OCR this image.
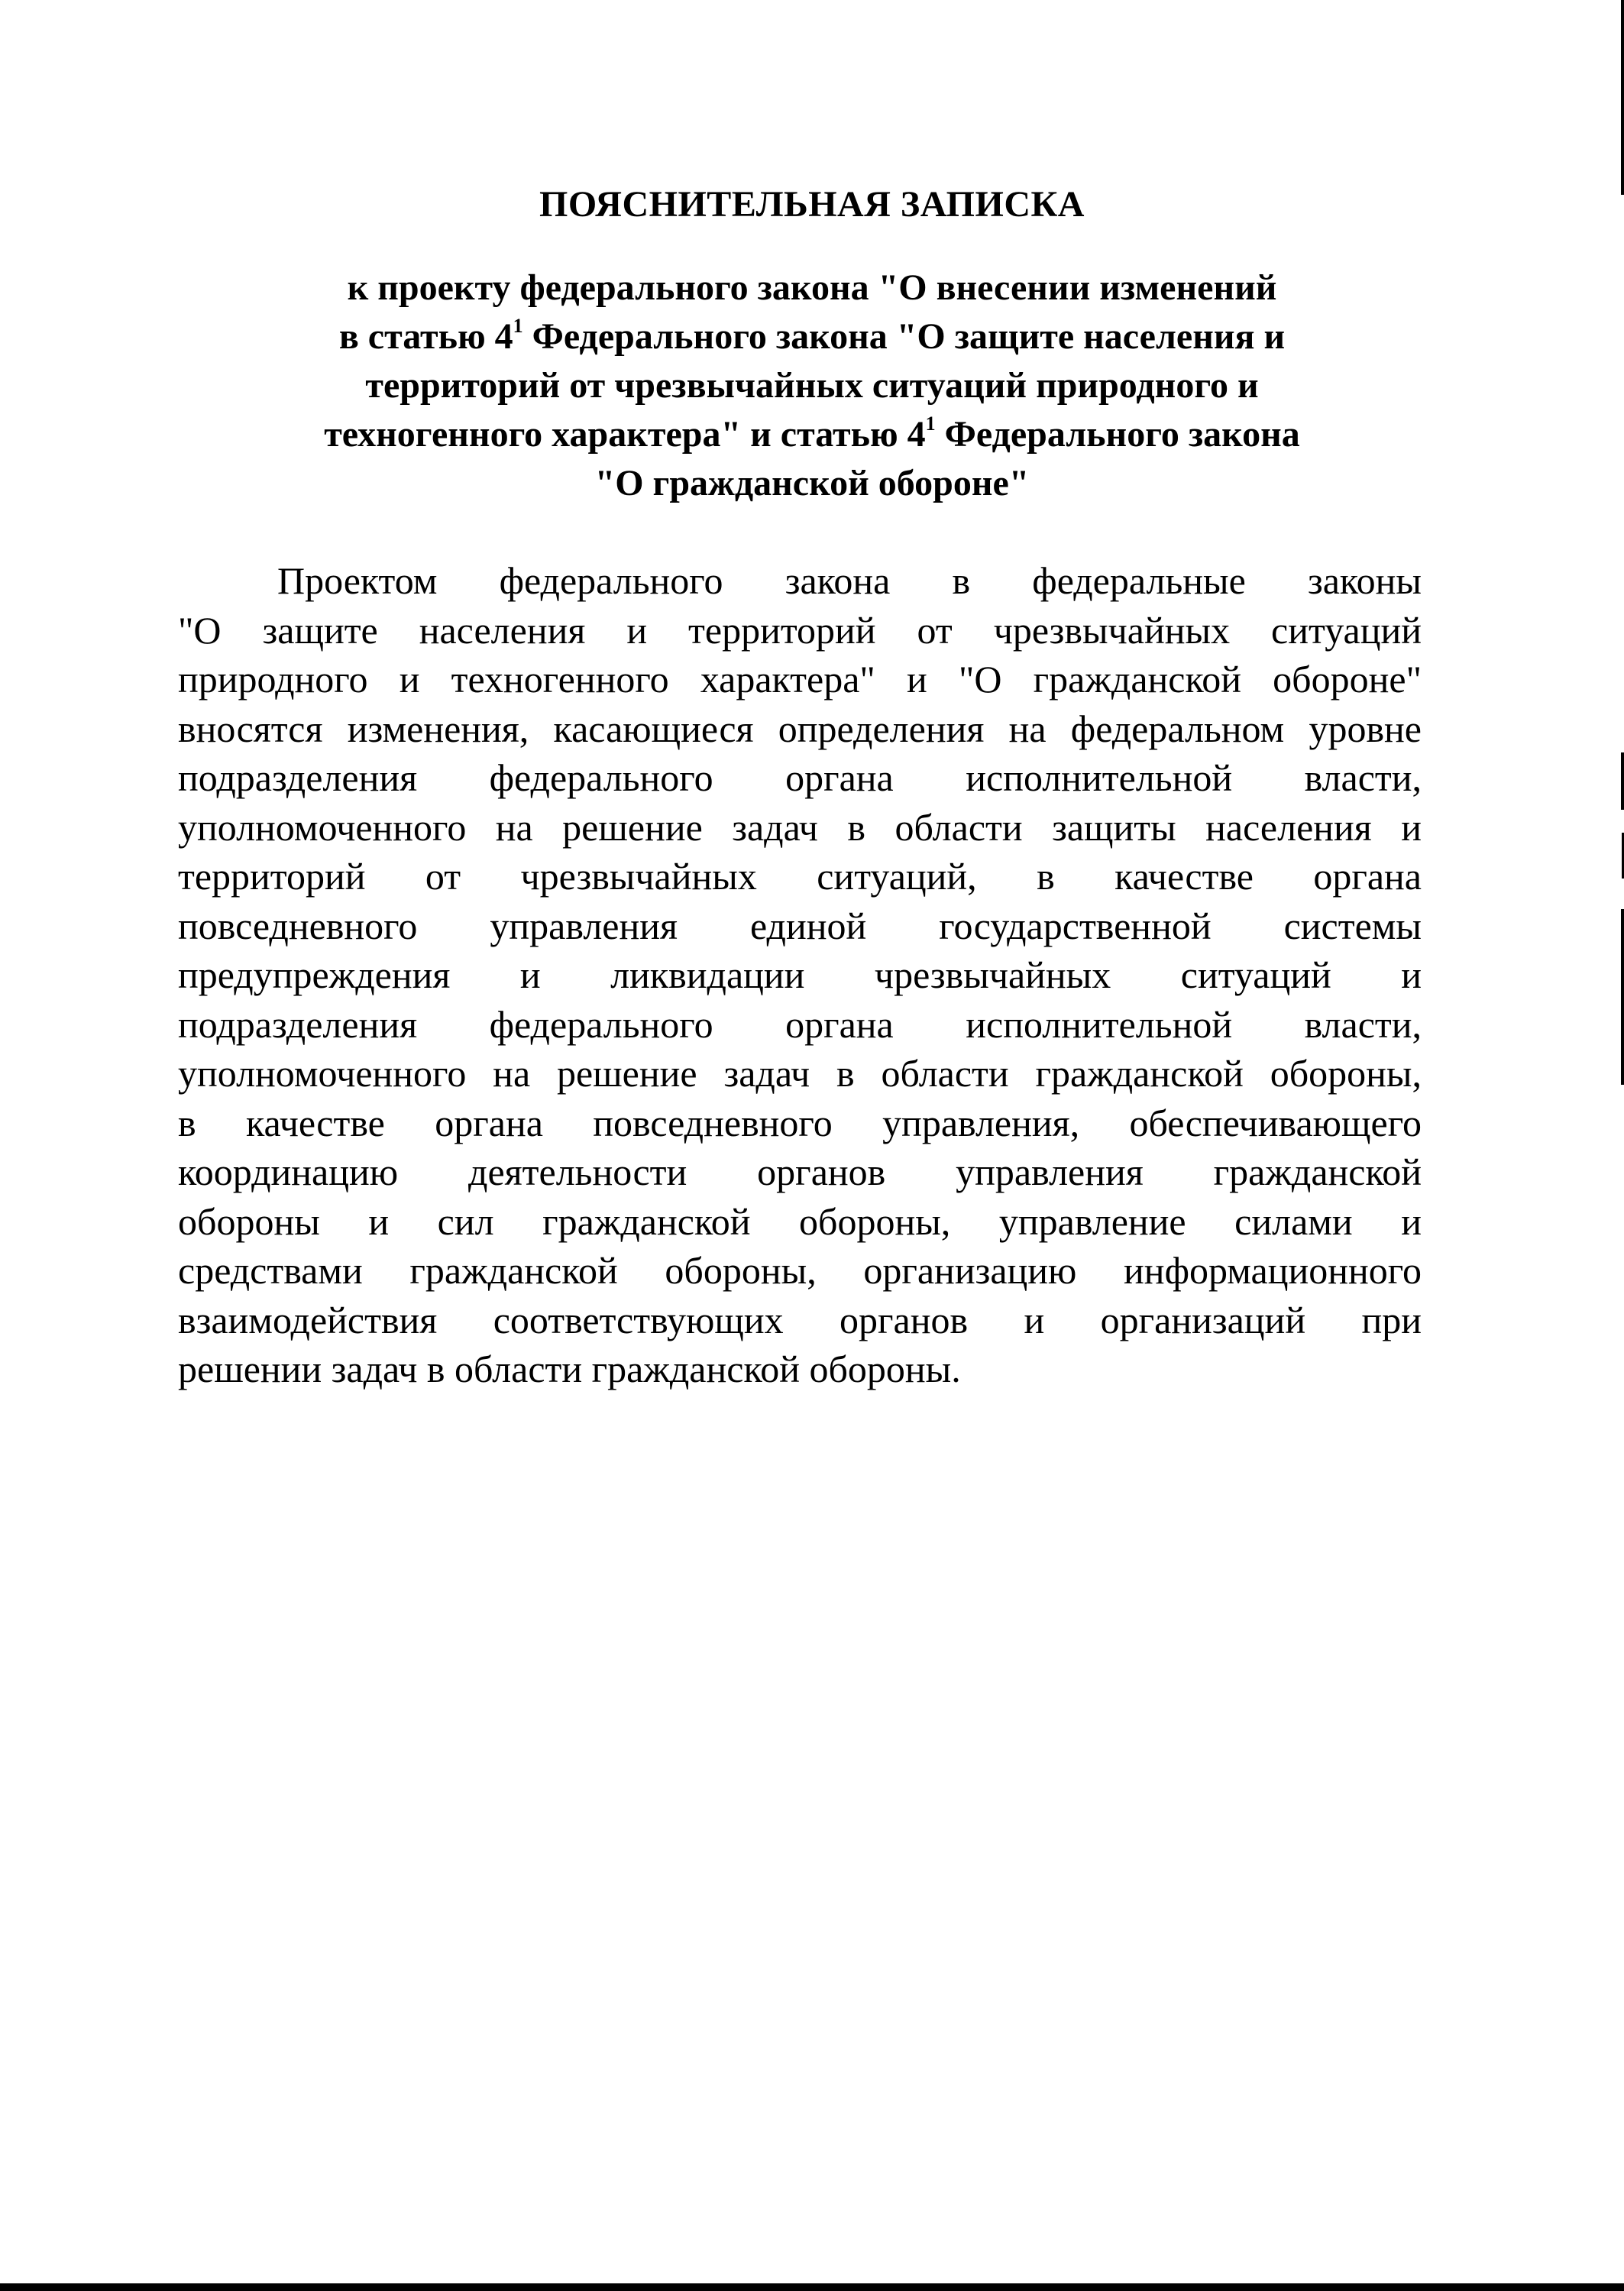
ПОЯСНИТЕЛЬНАЯ ЗАПИСКА
к проекту федерального закона "О внесении изменений
в статью $4^1$ Федерального закона "О защите населения и
территорий от чрезвычайных ситуаций природного и
техногенного характера" и статью $4^1$ Федерального закона
"О гражданской обороне"
Проектом федерального закона в федеральные законы
"О защите населения и территорий от чрезвычайных ситуаций
природного и техногенного характера" и "О гражданской обороне"
вносятся изменения, касающиеся определения на федеральном уровне
подразделения федерального органа исполнительной власти,
уполномоченного на решение задач в области защиты населения и
территорий от чрезвычайных ситуаций, в качестве органа
повседневного управления единой государственной системы
предупреждения и ликвидации чрезвычайных ситуаций и
подразделения федерального органа исполнительной власти,
уполномоченного на решение задач в области гражданской обороны,
в качестве органа повседневного управления, обеспечивающего
координацию деятельности органов управления гражданской
обороны и сил гражданской обороны, управление силами и
средствами гражданской обороны, организацию информационного
взаимодействия соответствующих органов и организаций при
решении задач в области гражданской обороны.
